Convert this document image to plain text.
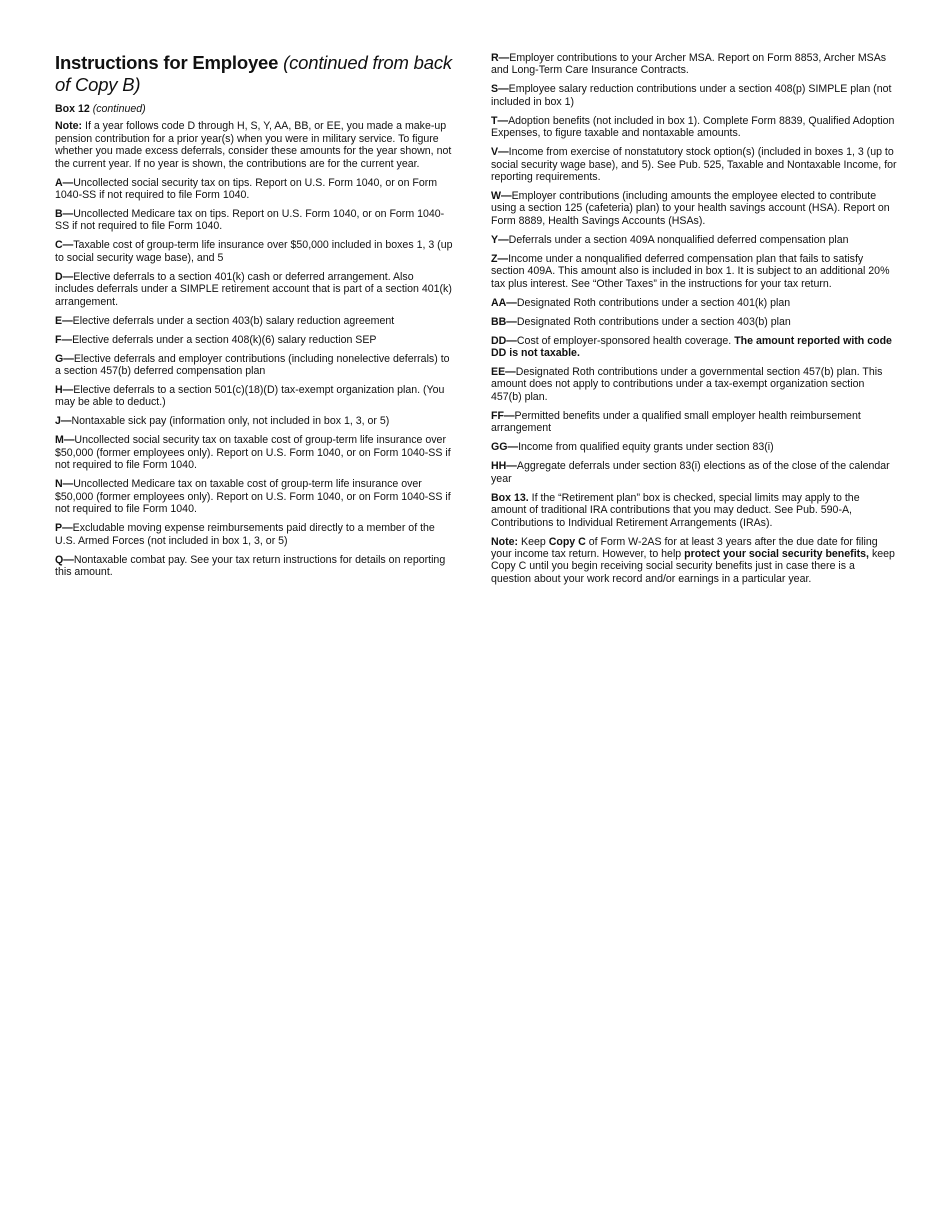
Instructions for Employee (continued from back of Copy B)

Box 12 (continued)

Note: If a year follows code D through H, S, Y, AA, BB, or EE, you made a make-up pension contribution for a prior year(s) when you were in military service. To figure whether you made excess deferrals, consider these amounts for the year shown, not the current year. If no year is shown, the contributions are for the current year.

A—Uncollected social security tax on tips. Report on U.S. Form 1040, or on Form 1040-SS if not required to file Form 1040.

B—Uncollected Medicare tax on tips. Report on U.S. Form 1040, or on Form 1040-SS if not required to file Form 1040.

C—Taxable cost of group-term life insurance over $50,000 included in boxes 1, 3 (up to social security wage base), and 5

D—Elective deferrals to a section 401(k) cash or deferred arrangement. Also includes deferrals under a SIMPLE retirement account that is part of a section 401(k) arrangement.

E—Elective deferrals under a section 403(b) salary reduction agreement

F—Elective deferrals under a section 408(k)(6) salary reduction SEP

G—Elective deferrals and employer contributions (including nonelective deferrals) to a section 457(b) deferred compensation plan

H—Elective deferrals to a section 501(c)(18)(D) tax-exempt organization plan. (You may be able to deduct.)

J—Nontaxable sick pay (information only, not included in box 1, 3, or 5)

M—Uncollected social security tax on taxable cost of group-term life insurance over $50,000 (former employees only). Report on U.S. Form 1040, or on Form 1040-SS if not required to file Form 1040.

N—Uncollected Medicare tax on taxable cost of group-term life insurance over $50,000 (former employees only). Report on U.S. Form 1040, or on Form 1040-SS if not required to file Form 1040.

P—Excludable moving expense reimbursements paid directly to a member of the U.S. Armed Forces (not included in box 1, 3, or 5)

Q—Nontaxable combat pay. See your tax return instructions for details on reporting this amount.

R—Employer contributions to your Archer MSA. Report on Form 8853, Archer MSAs and Long-Term Care Insurance Contracts.

S—Employee salary reduction contributions under a section 408(p) SIMPLE plan (not included in box 1)

T—Adoption benefits (not included in box 1). Complete Form 8839, Qualified Adoption Expenses, to figure taxable and nontaxable amounts.

V—Income from exercise of nonstatutory stock option(s) (included in boxes 1, 3 (up to social security wage base), and 5). See Pub. 525, Taxable and Nontaxable Income, for reporting requirements.

W—Employer contributions (including amounts the employee elected to contribute using a section 125 (cafeteria) plan) to your health savings account (HSA). Report on Form 8889, Health Savings Accounts (HSAs).

Y—Deferrals under a section 409A nonqualified deferred compensation plan

Z—Income under a nonqualified deferred compensation plan that fails to satisfy section 409A. This amount also is included in box 1. It is subject to an additional 20% tax plus interest. See “Other Taxes” in the instructions for your tax return.

AA—Designated Roth contributions under a section 401(k) plan

BB—Designated Roth contributions under a section 403(b) plan

DD—Cost of employer-sponsored health coverage. The amount reported with code DD is not taxable.

EE—Designated Roth contributions under a governmental section 457(b) plan. This amount does not apply to contributions under a tax-exempt organization section 457(b) plan.

FF—Permitted benefits under a qualified small employer health reimbursement arrangement

GG—Income from qualified equity grants under section 83(i)

HH—Aggregate deferrals under section 83(i) elections as of the close of the calendar year

Box 13. If the “Retirement plan” box is checked, special limits may apply to the amount of traditional IRA contributions that you may deduct. See Pub. 590-A, Contributions to Individual Retirement Arrangements (IRAs).

Note: Keep Copy C of Form W-2AS for at least 3 years after the due date for filing your income tax return. However, to help protect your social security benefits, keep Copy C until you begin receiving social security benefits just in case there is a question about your work record and/or earnings in a particular year.
